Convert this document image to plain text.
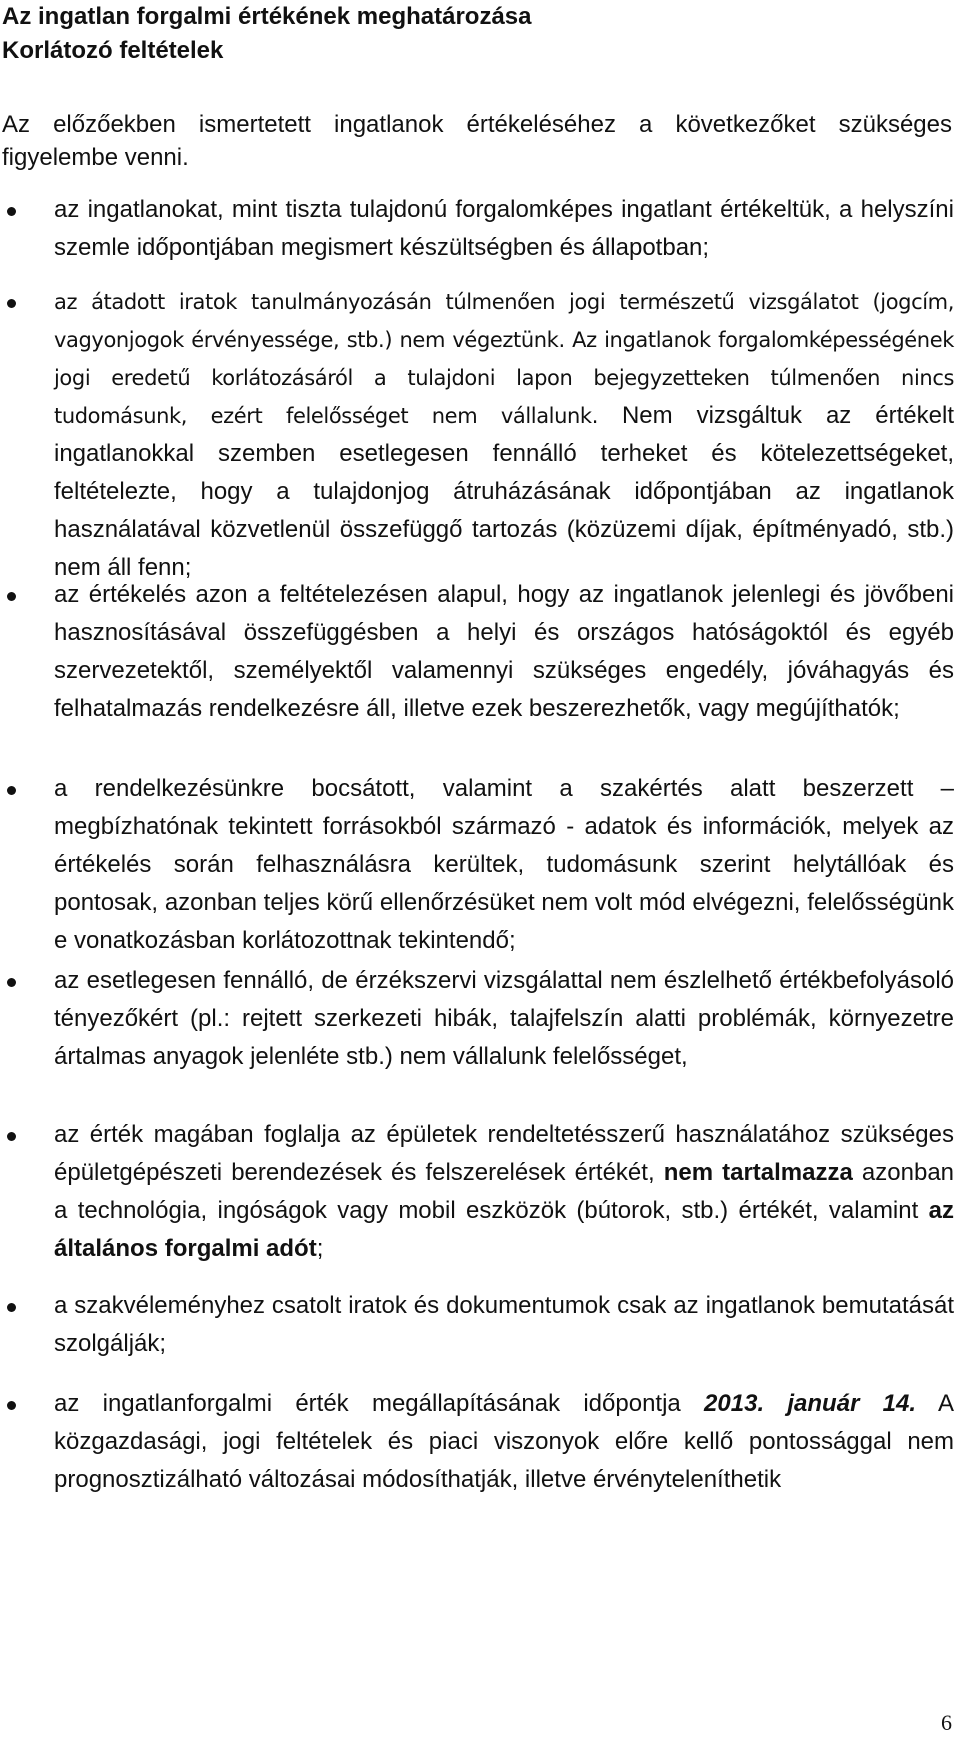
Az ingatlan forgalmi értékének meghatározása
Korlátozó feltételek
Az előzőekben ismertetett ingatlanok értékeléséhez a következőket szükséges figyelembe venni.
az ingatlanokat, mint tiszta tulajdonú forgalomképes ingatlant értékeltük, a helyszíni szemle időpontjában megismert készültségben és állapotban;
az átadott iratok tanulmányozásán túlmenően jogi természetű vizsgálatot (jogcím, vagyonjogok érvényessége, stb.) nem végeztünk. Az ingatlanok forgalomképességének jogi eredetű korlátozásáról a tulajdoni lapon bejegyzetteken túlmenően nincs tudomásunk, ezért felelősséget nem vállalunk. Nem vizsgáltuk az értékelt ingatlanokkal szemben esetlegesen fennálló terheket és kötelezettségeket, feltételezte, hogy a tulajdonjog átruházásának időpontjában az ingatlanok használatával közvetlenül összefüggő tartozás (közüzemi díjak, építményadó, stb.) nem áll fenn;
az értékelés azon a feltételezésen alapul, hogy az ingatlanok jelenlegi és jövőbeni hasznosításával összefüggésben a helyi és országos hatóságoktól és egyéb szervezetektől, személyektől valamennyi szükséges engedély, jóváhagyás és felhatalmazás rendelkezésre áll, illetve ezek beszerezhetők, vagy megújíthatók;
a rendelkezésünkre bocsátott, valamint a szakértés alatt beszerzett – megbízhatónak tekintett forrásokból származó - adatok és információk, melyek az értékelés során felhasználásra kerültek, tudomásunk szerint helytállóak és pontosak, azonban teljes körű ellenőrzésüket nem volt mód elvégezni, felelősségünk e vonatkozásban korlátozottnak tekintendő;
az esetlegesen fennálló, de érzékszervi vizsgálattal nem észlelhető értékbefolyásoló tényezőkért (pl.: rejtett szerkezeti hibák, talajfelszín alatti problémák, környezetre ártalmas anyagok jelenléte stb.) nem vállalunk felelősséget,
az érték magában foglalja az épületek rendeltetésszerű használatához szükséges épületgépészeti berendezések és felszerelések értékét, nem tartalmazza azonban a technológia, ingóságok vagy mobil eszközök (bútorok, stb.) értékét, valamint az általános forgalmi adót;
a szakvéleményhez csatolt iratok és dokumentumok csak az ingatlanok bemutatását szolgálják;
az ingatlanforgalmi érték megállapításának időpontja 2013. január 14. A közgazdasági, jogi feltételek és piaci viszonyok előre kellő pontossággal nem prognosztizálható változásai módosíthatják, illetve érvényteleníthetik
6
